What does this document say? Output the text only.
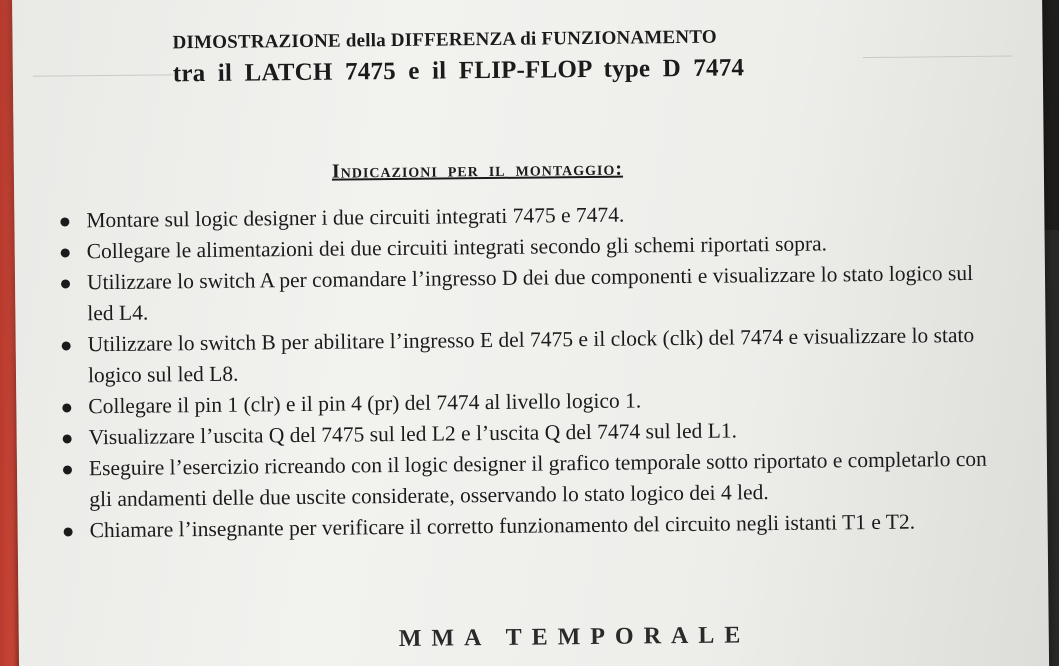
DIMOSTRAZIONE della DIFFERENZA di FUNZIONAMENTO
tra il LATCH 7475 e il FLIP-FLOP type D 7474
Indicazioni per il montaggio:
Montare sul logic designer i due circuiti integrati 7475 e 7474.
Collegare le alimentazioni dei due circuiti integrati secondo gli schemi riportati sopra.
Utilizzare lo switch A per comandare l’ingresso D dei due componenti e visualizzare lo stato logico sul led L4.
Utilizzare lo switch B per abilitare l’ingresso E del 7475 e il clock (clk) del 7474 e visualizzare lo stato logico sul led L8.
Collegare il pin 1 (clr) e il pin 4 (pr) del 7474 al livello logico 1.
Visualizzare l’uscita Q del 7475 sul led L2 e l’uscita Q del 7474 sul led L1.
Eseguire l’esercizio ricreando con il logic designer il grafico temporale sotto riportato e completarlo con gli andamenti delle due uscite considerate, osservando lo stato logico dei 4 led.
Chiamare l’insegnante per verificare il corretto funzionamento del circuito negli istanti T1 e T2.
MMA TEMPORALE
